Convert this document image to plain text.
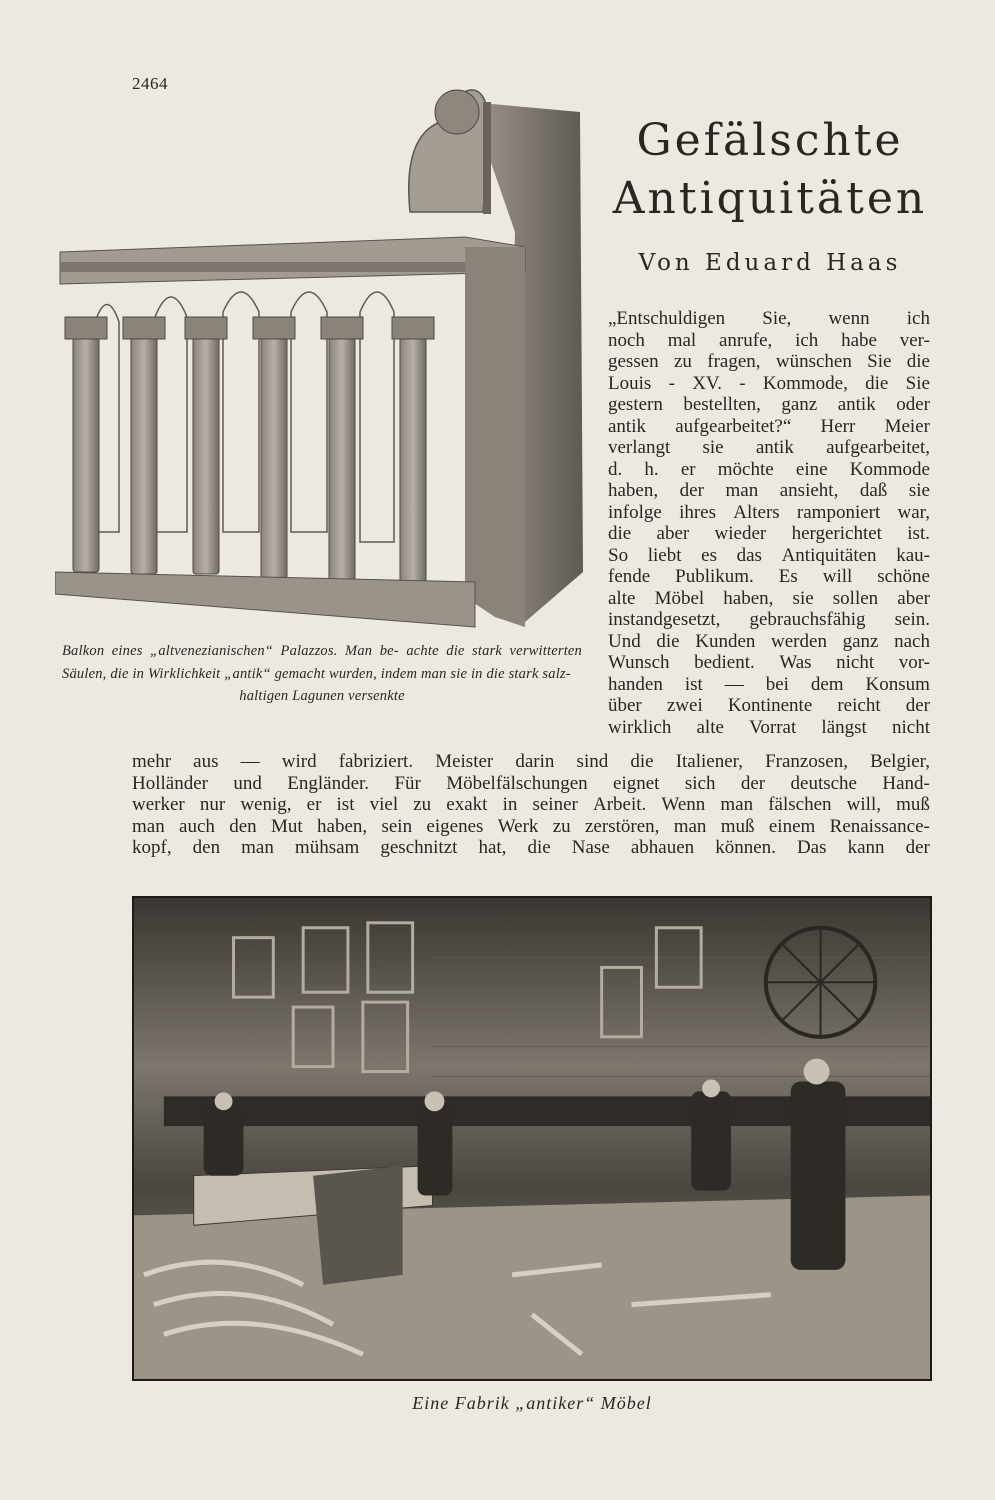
2464
Balkon eines „altvenezianischen“ Palazzos. Man be- achte die stark verwitterten Säulen, die in Wirklichkeit „antik“ gemacht wurden, indem man sie in die stark salz-
haltigen Lagunen versenkte
Gefälschte
Antiquitäten
Von Eduard Haas
„Entschuldigen Sie, wenn ich
noch mal anrufe, ich habe ver-
gessen zu fragen, wünschen Sie die
Louis - XV. - Kommode, die Sie
gestern bestellten, ganz antik oder
antik aufgearbeitet?“ Herr Meier
verlangt sie antik aufgearbeitet,
d. h. er möchte eine Kommode
haben, der man ansieht, daß sie
infolge ihres Alters ramponiert war,
die aber wieder hergerichtet ist.
So liebt es das Antiquitäten kau-
fende Publikum. Es will schöne
alte Möbel haben, sie sollen aber
instandgesetzt, gebrauchsfähig sein.
Und die Kunden werden ganz nach
Wunsch bedient. Was nicht vor-
handen ist — bei dem Konsum
über zwei Kontinente reicht der
wirklich alte Vorrat längst nicht
mehr aus — wird fabriziert. Meister darin sind die Italiener, Franzosen, Belgier,
Holländer und Engländer. Für Möbelfälschungen eignet sich der deutsche Hand-
werker nur wenig, er ist viel zu exakt in seiner Arbeit. Wenn man fälschen will, muß
man auch den Mut haben, sein eigenes Werk zu zerstören, man muß einem Renaissance-
kopf, den man mühsam geschnitzt hat, die Nase abhauen können. Das kann der
Eine Fabrik „antiker“ Möbel
